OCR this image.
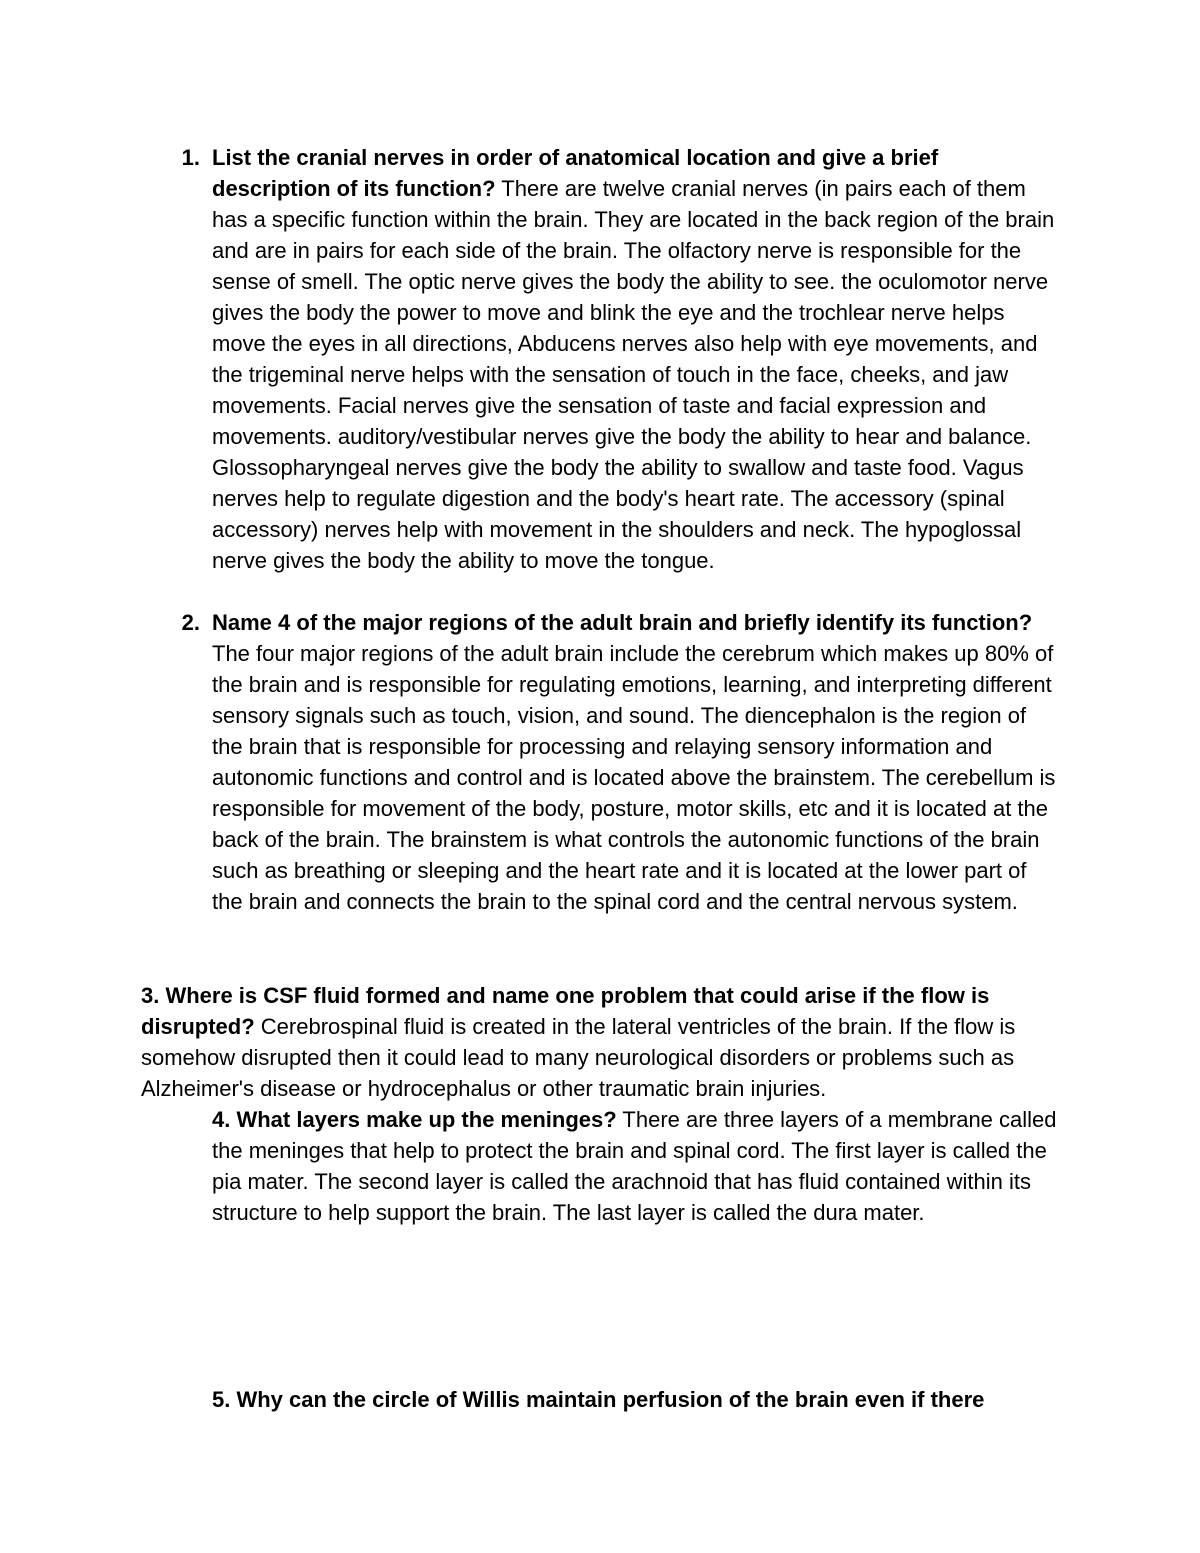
1. List the cranial nerves in order of anatomical location and give a brief description of its function? There are twelve cranial nerves (in pairs each of them has a specific function within the brain. They are located in the back region of the brain and are in pairs for each side of the brain. The olfactory nerve is responsible for the sense of smell. The optic nerve gives the body the ability to see. the oculomotor nerve gives the body the power to move and blink the eye and the trochlear nerve helps move the eyes in all directions, Abducens nerves also help with eye movements, and the trigeminal nerve helps with the sensation of touch in the face, cheeks, and jaw movements. Facial nerves give the sensation of taste and facial expression and movements. auditory/vestibular nerves give the body the ability to hear and balance. Glossopharyngeal nerves give the body the ability to swallow and taste food. Vagus nerves help to regulate digestion and the body's heart rate. The accessory (spinal accessory) nerves help with movement in the shoulders and neck. The hypoglossal nerve gives the body the ability to move the tongue.

2. Name 4 of the major regions of the adult brain and briefly identify its function? The four major regions of the adult brain include the cerebrum which makes up 80% of the brain and is responsible for regulating emotions, learning, and interpreting different sensory signals such as touch, vision, and sound. The diencephalon is the region of the brain that is responsible for processing and relaying sensory information and autonomic functions and control and is located above the brainstem. The cerebellum is responsible for movement of the body, posture, motor skills, etc and it is located at the back of the brain. The brainstem is what controls the autonomic functions of the brain such as breathing or sleeping and the heart rate and it is located at the lower part of the brain and connects the brain to the spinal cord and the central nervous system.

3. Where is CSF fluid formed and name one problem that could arise if the flow is disrupted? Cerebrospinal fluid is created in the lateral ventricles of the brain. If the flow is somehow disrupted then it could lead to many neurological disorders or problems such as Alzheimer's disease or hydrocephalus or other traumatic brain injuries.

4. What layers make up the meninges? There are three layers of a membrane called the meninges that help to protect the brain and spinal cord. The first layer is called the pia mater. The second layer is called the arachnoid that has fluid contained within its structure to help support the brain. The last layer is called the dura mater.

5. Why can the circle of Willis maintain perfusion of the brain even if there
